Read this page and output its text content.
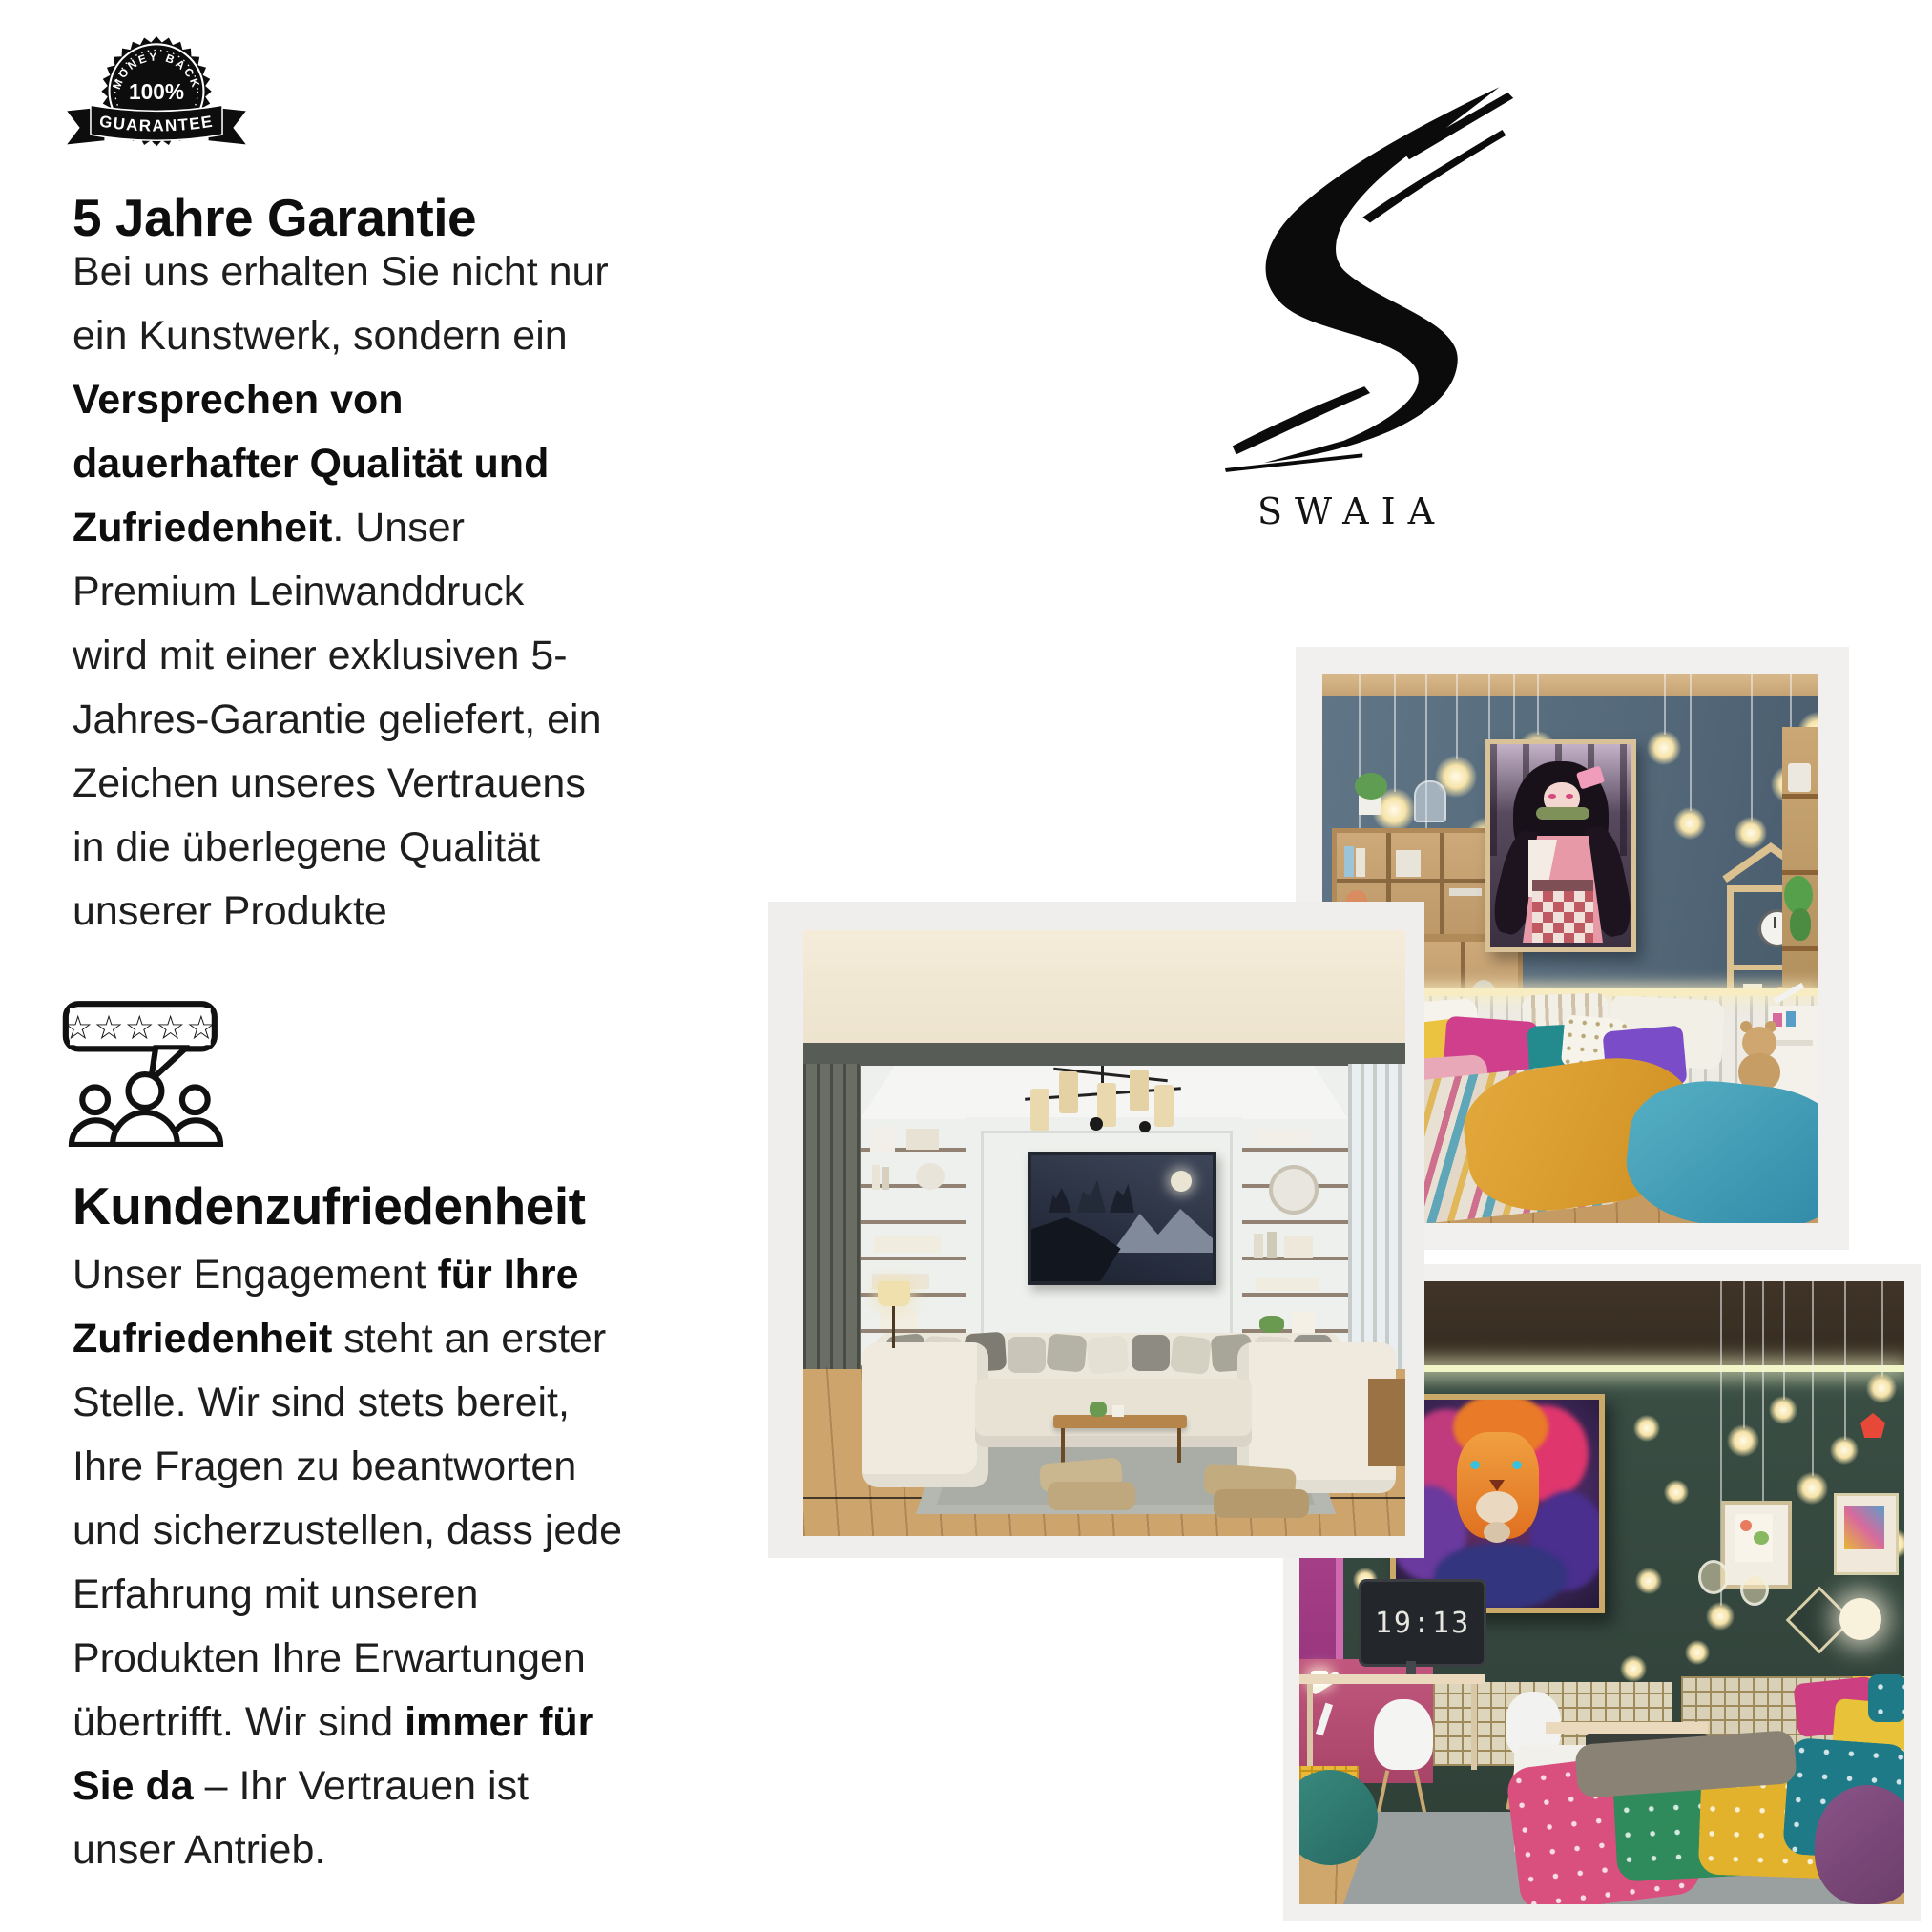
MONEY BACK
100%
GUARANTEE
★ ★ ★
5 Jahre Garantie
Bei uns erhalten Sie nicht nur
ein Kunstwerk, sondern ein
Versprechen von
dauerhafter Qualität und
Zufriedenheit. Unser
Premium Leinwanddruck
wird mit einer exklusiven 5-
Jahres-Garantie geliefert, ein
Zeichen unseres Vertrauens
in die überlegene Qualität
unserer Produkte
☆☆☆☆☆
Kundenzufriedenheit
Unser Engagement für Ihre
Zufriedenheit steht an erster
Stelle. Wir sind stets bereit,
Ihre Fragen zu beantworten
und sicherzustellen, dass jede
Erfahrung mit unseren
Produkten Ihre Erwartungen
übertrifft. Wir sind immer für
Sie da – Ihr Vertrauen ist
unser Antrieb.
SWAIA
19:13
